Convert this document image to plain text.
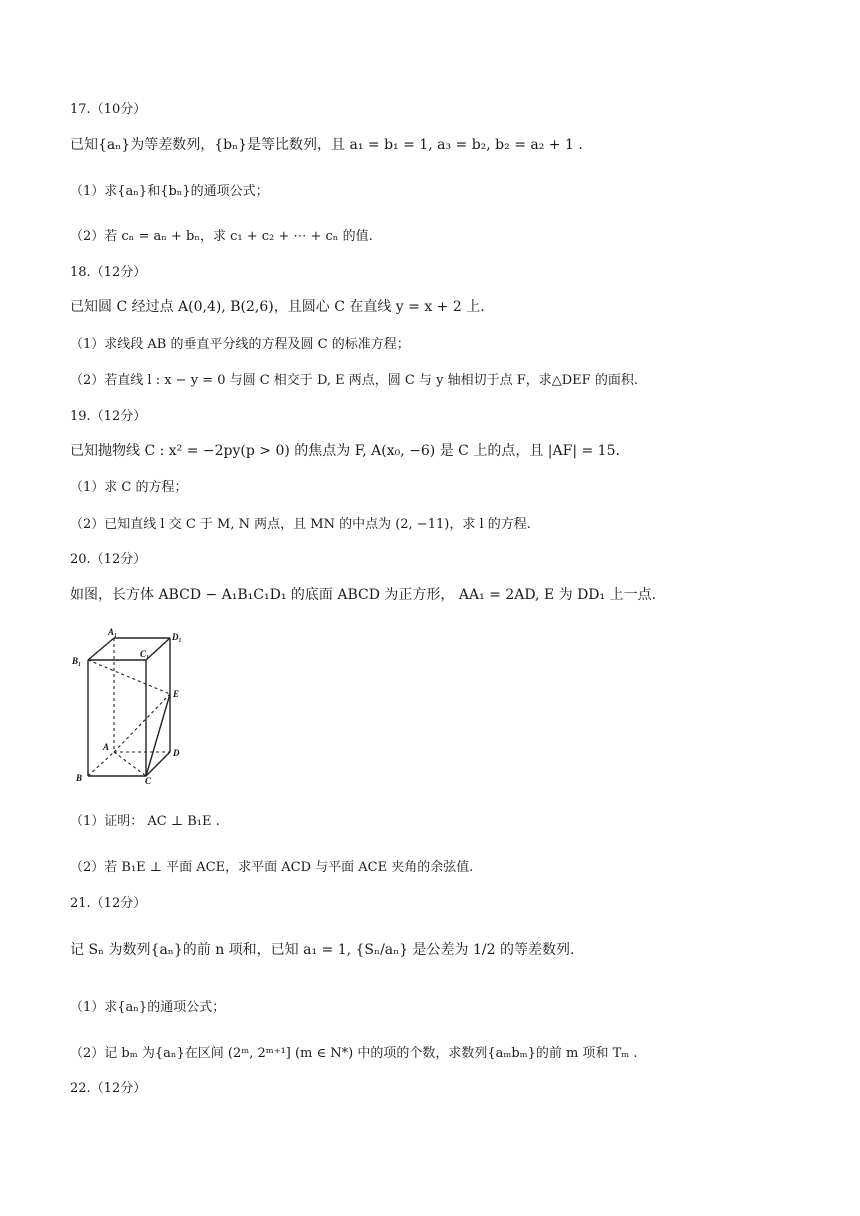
17.（10分）
已知{aₙ}为等差数列，{bₙ}是等比数列，且 a₁ = b₁ = 1, a₃ = b₂, b₂ = a₂ + 1 .
（1）求{aₙ}和{bₙ}的通项公式；
（2）若 cₙ = aₙ + bₙ，求 c₁ + c₂ + ⋯ + cₙ 的值.
18.（12分）
已知圆 C 经过点 A(0,4), B(2,6)，且圆心 C 在直线 y = x + 2 上.
（1）求线段 AB 的垂直平分线的方程及圆 C 的标准方程；
（2）若直线 l : x − y = 0 与圆 C 相交于 D, E 两点，圆 C 与 y 轴相切于点 F，求△DEF 的面积.
19.（12分）
已知抛物线 C : x² = −2py(p > 0) 的焦点为 F, A(x₀, −6) 是 C 上的点，且 |AF| = 15.
（1）求 C 的方程；
（2）已知直线 l 交 C 于 M, N 两点，且 MN 的中点为 (2, −11)，求 l 的方程.
20.（12分）
如图，长方体 ABCD − A₁B₁C₁D₁ 的底面 ABCD 为正方形， AA₁ = 2AD, E 为 DD₁ 上一点.
A₁	D₁
B₁
C₁
E
A
D
B	C
（1）证明： AC ⊥ B₁E .
（2）若 B₁E ⊥ 平面 ACE，求平面 ACD 与平面 ACE 夹角的余弦值.
21.（12分）
记 Sₙ 为数列{aₙ}的前 n 项和，已知 a₁ = 1, {Sₙ/aₙ} 是公差为 1/2 的等差数列.
（1）求{aₙ}的通项公式；
（2）记 bₘ 为{aₙ}在区间 (2ᵐ, 2ᵐ⁺¹] (m ∈ N*) 中的项的个数，求数列{aₘbₘ}的前 m 项和 Tₘ .
22.（12分）
